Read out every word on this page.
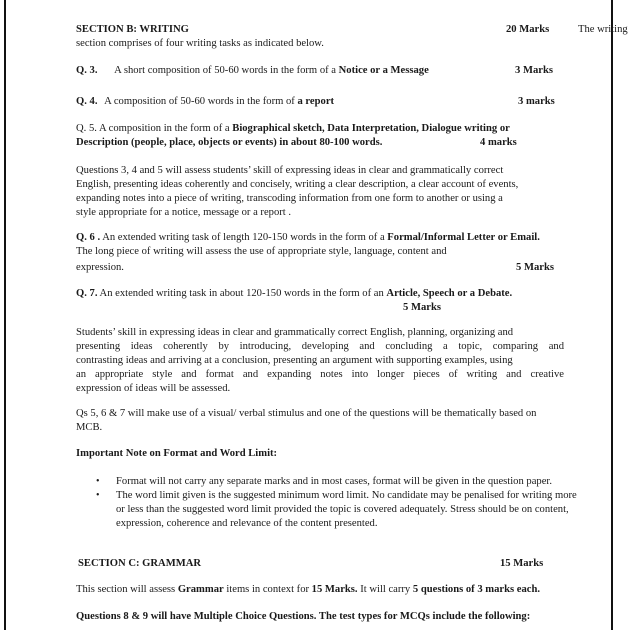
SECTION B: WRITING	20 Marks	The writing
section comprises of four writing tasks as indicated below.
Q. 3. A short composition of 50-60 words in the form of a Notice or a Message	3 Marks
Q. 4. A composition of 50-60 words in the form of a report	3 marks
Q. 5. A composition in the form of a Biographical sketch, Data Interpretation, Dialogue writing or
Description (people, place, objects or events) in about 80-100 words.	4 marks
Questions 3, 4 and 5 will assess students’ skill of expressing ideas in clear and grammatically correct
English, presenting ideas coherently and concisely, writing a clear description, a clear account of events,
expanding notes into a piece of writing, transcoding information from one form to another or using a
style appropriate for a notice, message or a report .
Q. 6 . An extended writing task of length 120-150 words in the form of a Formal/Informal Letter or Email.
The long piece of writing will assess the use of appropriate style, language, content and
expression.	5 Marks
Q. 7. An extended writing task in about 120-150 words in the form of an Article, Speech or a Debate.
5 Marks
Students’ skill in expressing ideas in clear and grammatically correct English, planning, organizing and
presenting ideas coherently by introducing, developing and concluding a topic, comparing and
contrasting ideas and arriving at a conclusion, presenting an argument with supporting examples, using
an appropriate style and format and expanding notes into longer pieces of writing and creative
expression of ideas will be assessed.
Qs 5, 6 & 7 will make use of a visual/ verbal stimulus and one of the questions will be thematically based on
MCB.
Important Note on Format and Word Limit:
• Format will not carry any separate marks and in most cases, format will be given in the question paper.
• The word limit given is the suggested minimum word limit. No candidate may be penalised for writing more
or less than the suggested word limit provided the topic is covered adequately. Stress should be on content,
expression, coherence and relevance of the content presented.
SECTION C: GRAMMAR	15 Marks
This section will assess Grammar items in context for 15 Marks. It will carry 5 questions of 3 marks each.
Questions 8 & 9 will have Multiple Choice Questions. The test types for MCQs include the following:
